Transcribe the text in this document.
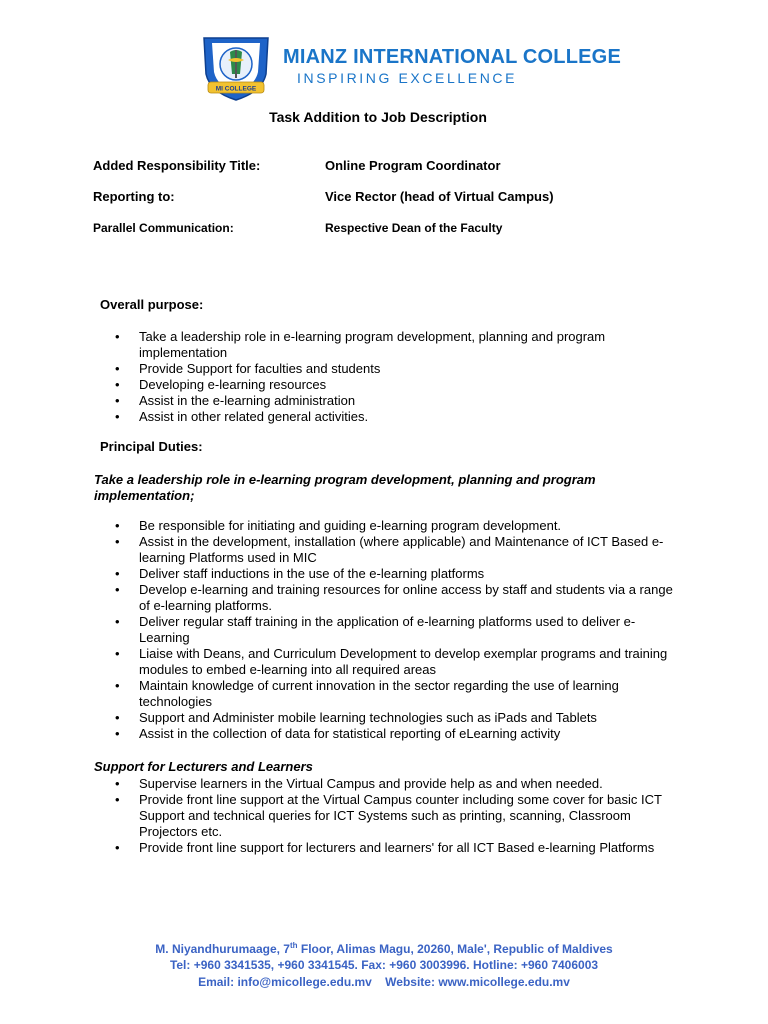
MI COLLEGE
MIANZ INTERNATIONAL COLLEGE
INSPIRING EXCELLENCE
Task Addition to Job Description
Added Responsibility Title:	Online Program Coordinator
Reporting to:	Vice Rector (head of Virtual Campus)
Parallel Communication:	Respective Dean of the Faculty
Overall purpose:
• Take a leadership role in e-learning program development, planning and program implementation
• Provide Support for faculties and students
• Developing e-learning resources
• Assist in the e-learning administration
• Assist in other related general activities.
Principal Duties:
Take a leadership role in e-learning program development, planning and program implementation;
• Be responsible for initiating and guiding e-learning program development.
• Assist in the development, installation (where applicable) and Maintenance of ICT Based e-learning Platforms used in MIC
• Deliver staff inductions in the use of the e-learning platforms
• Develop e-learning and training resources for online access by staff and students via a range of e-learning platforms.
• Deliver regular staff training in the application of e-learning platforms used to deliver e-Learning
• Liaise with Deans, and Curriculum Development to develop exemplar programs and training modules to embed e-learning into all required areas
• Maintain knowledge of current innovation in the sector regarding the use of learning technologies
• Support and Administer mobile learning technologies such as iPads and Tablets
• Assist in the collection of data for statistical reporting of eLearning activity
Support for Lecturers and Learners
• Supervise learners in the Virtual Campus and provide help as and when needed.
• Provide front line support at the Virtual Campus counter including some cover for basic ICT Support and technical queries for ICT Systems such as printing, scanning, Classroom Projectors etc.
• Provide front line support for lecturers and learners' for all ICT Based e-learning Platforms
M. Niyandhurumaage, 7th Floor, Alimas Magu, 20260, Male', Republic of Maldives
Tel: +960 3341535, +960 3341545. Fax: +960 3003996. Hotline: +960 7406003
Email: info@micollege.edu.mv Website: www.micollege.edu.mv
